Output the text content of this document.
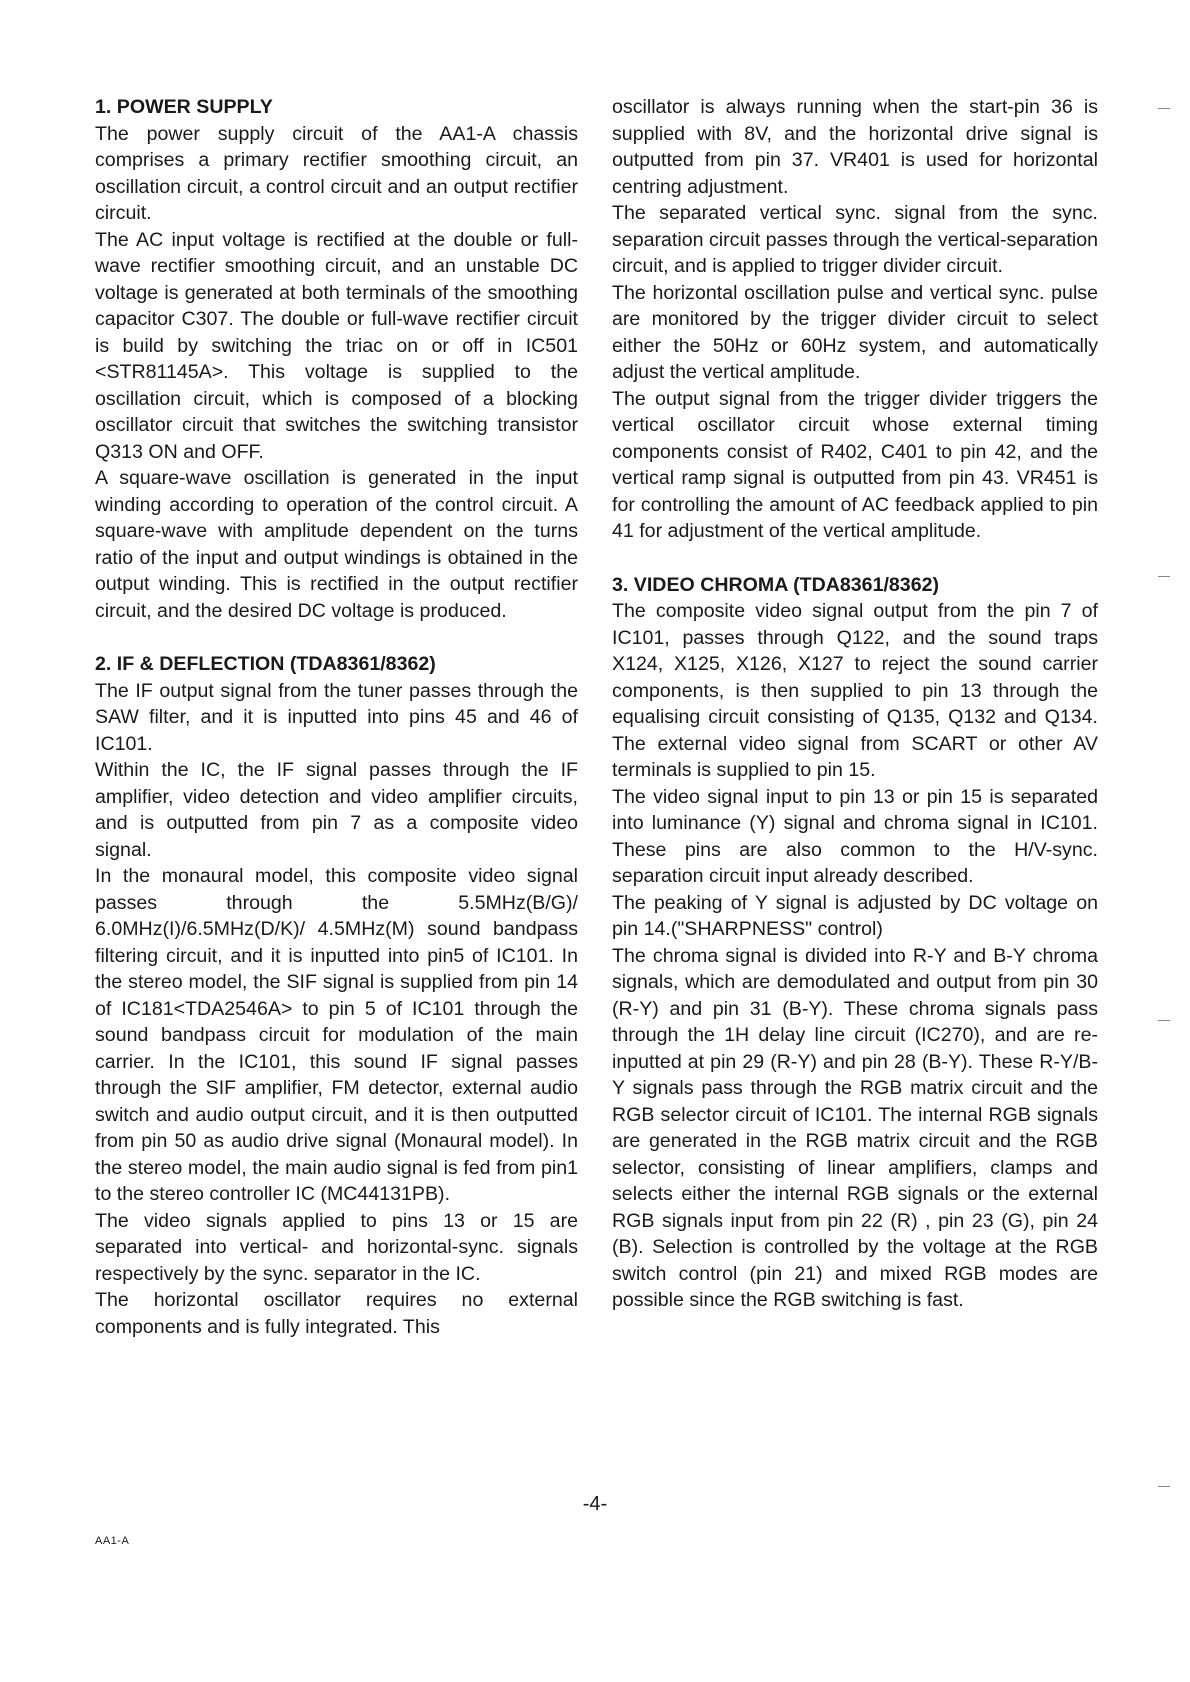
1. POWER SUPPLY

The power supply circuit of the AA1-A chassis comprises a primary rectifier smoothing circuit, an oscillation circuit, a control circuit and an output rectifier circuit.

The AC input voltage is rectified at the double or full-wave rectifier smoothing circuit, and an unstable DC voltage is generated at both terminals of the smoothing capacitor C307. The double or full-wave rectifier circuit is build by switching the triac on or off in IC501 <STR81145A>. This voltage is supplied to the oscillation circuit, which is composed of a blocking oscillator circuit that switches the switching transistor Q313 ON and OFF.

A square-wave oscillation is generated in the input winding according to operation of the control circuit. A square-wave with amplitude dependent on the turns ratio of the input and output windings is obtained in the output winding. This is rectified in the output rectifier circuit, and the desired DC voltage is produced.

2. IF & DEFLECTION (TDA8361/8362)

The IF output signal from the tuner passes through the SAW filter, and it is inputted into pins 45 and 46 of IC101.

Within the IC, the IF signal passes through the IF amplifier, video detection and video amplifier circuits, and is outputted from pin 7 as a composite video signal.

In the monaural model, this composite video signal passes through the 5.5MHz(B/G)/ 6.0MHz(I)/6.5MHz(D/K)/ 4.5MHz(M) sound bandpass filtering circuit, and it is inputted into pin5 of IC101. In the stereo model, the SIF signal is supplied from pin 14 of IC181<TDA2546A> to pin 5 of IC101 through the sound bandpass circuit for modulation of the main carrier. In the IC101, this sound IF signal passes through the SIF amplifier, FM detector, external audio switch and audio output circuit, and it is then outputted from pin 50 as audio drive signal (Monaural model). In the stereo model, the main audio signal is fed from pin1 to the stereo controller IC (MC44131PB).

The video signals applied to pins 13 or 15 are separated into vertical- and horizontal-sync. signals respectively by the sync. separator in the IC.

The horizontal oscillator requires no external components and is fully integrated. This

oscillator is always running when the start-pin 36 is supplied with 8V, and the horizontal drive signal is outputted from pin 37. VR401 is used for horizontal centring adjustment.

The separated vertical sync. signal from the sync. separation circuit passes through the vertical-separation circuit, and is applied to trigger divider circuit.

The horizontal oscillation pulse and vertical sync. pulse are monitored by the trigger divider circuit to select either the 50Hz or 60Hz system, and automatically adjust the vertical amplitude.

The output signal from the trigger divider triggers the vertical oscillator circuit whose external timing components consist of R402, C401 to pin 42, and the vertical ramp signal is outputted from pin 43. VR451 is for controlling the amount of AC feedback applied to pin 41 for adjustment of the vertical amplitude.

3. VIDEO CHROMA (TDA8361/8362)

The composite video signal output from the pin 7 of IC101, passes through Q122, and the sound traps X124, X125, X126, X127 to reject the sound carrier components, is then supplied to pin 13 through the equalising circuit consisting of Q135, Q132 and Q134. The external video signal from SCART or other AV terminals is supplied to pin 15.

The video signal input to pin 13 or pin 15 is separated into luminance (Y) signal and chroma signal in IC101. These pins are also common to the H/V-sync. separation circuit input already described.

The peaking of Y signal is adjusted by DC voltage on pin 14.("SHARPNESS" control)

The chroma signal is divided into R-Y and B-Y chroma signals, which are demodulated and output from pin 30 (R-Y) and pin 31 (B-Y). These chroma signals pass through the 1H delay line circuit (IC270), and are re-inputted at pin 29 (R-Y) and pin 28 (B-Y). These R-Y/B-Y signals pass through the RGB matrix circuit and the RGB selector circuit of IC101. The internal RGB signals are generated in the RGB matrix circuit and the RGB selector, consisting of linear amplifiers, clamps and selects either the internal RGB signals or the external RGB signals input from pin 22 (R) , pin 23 (G), pin 24 (B). Selection is controlled by the voltage at the RGB switch control (pin 21) and mixed RGB modes are possible since the RGB switching is fast.

-4-
AA1-A
